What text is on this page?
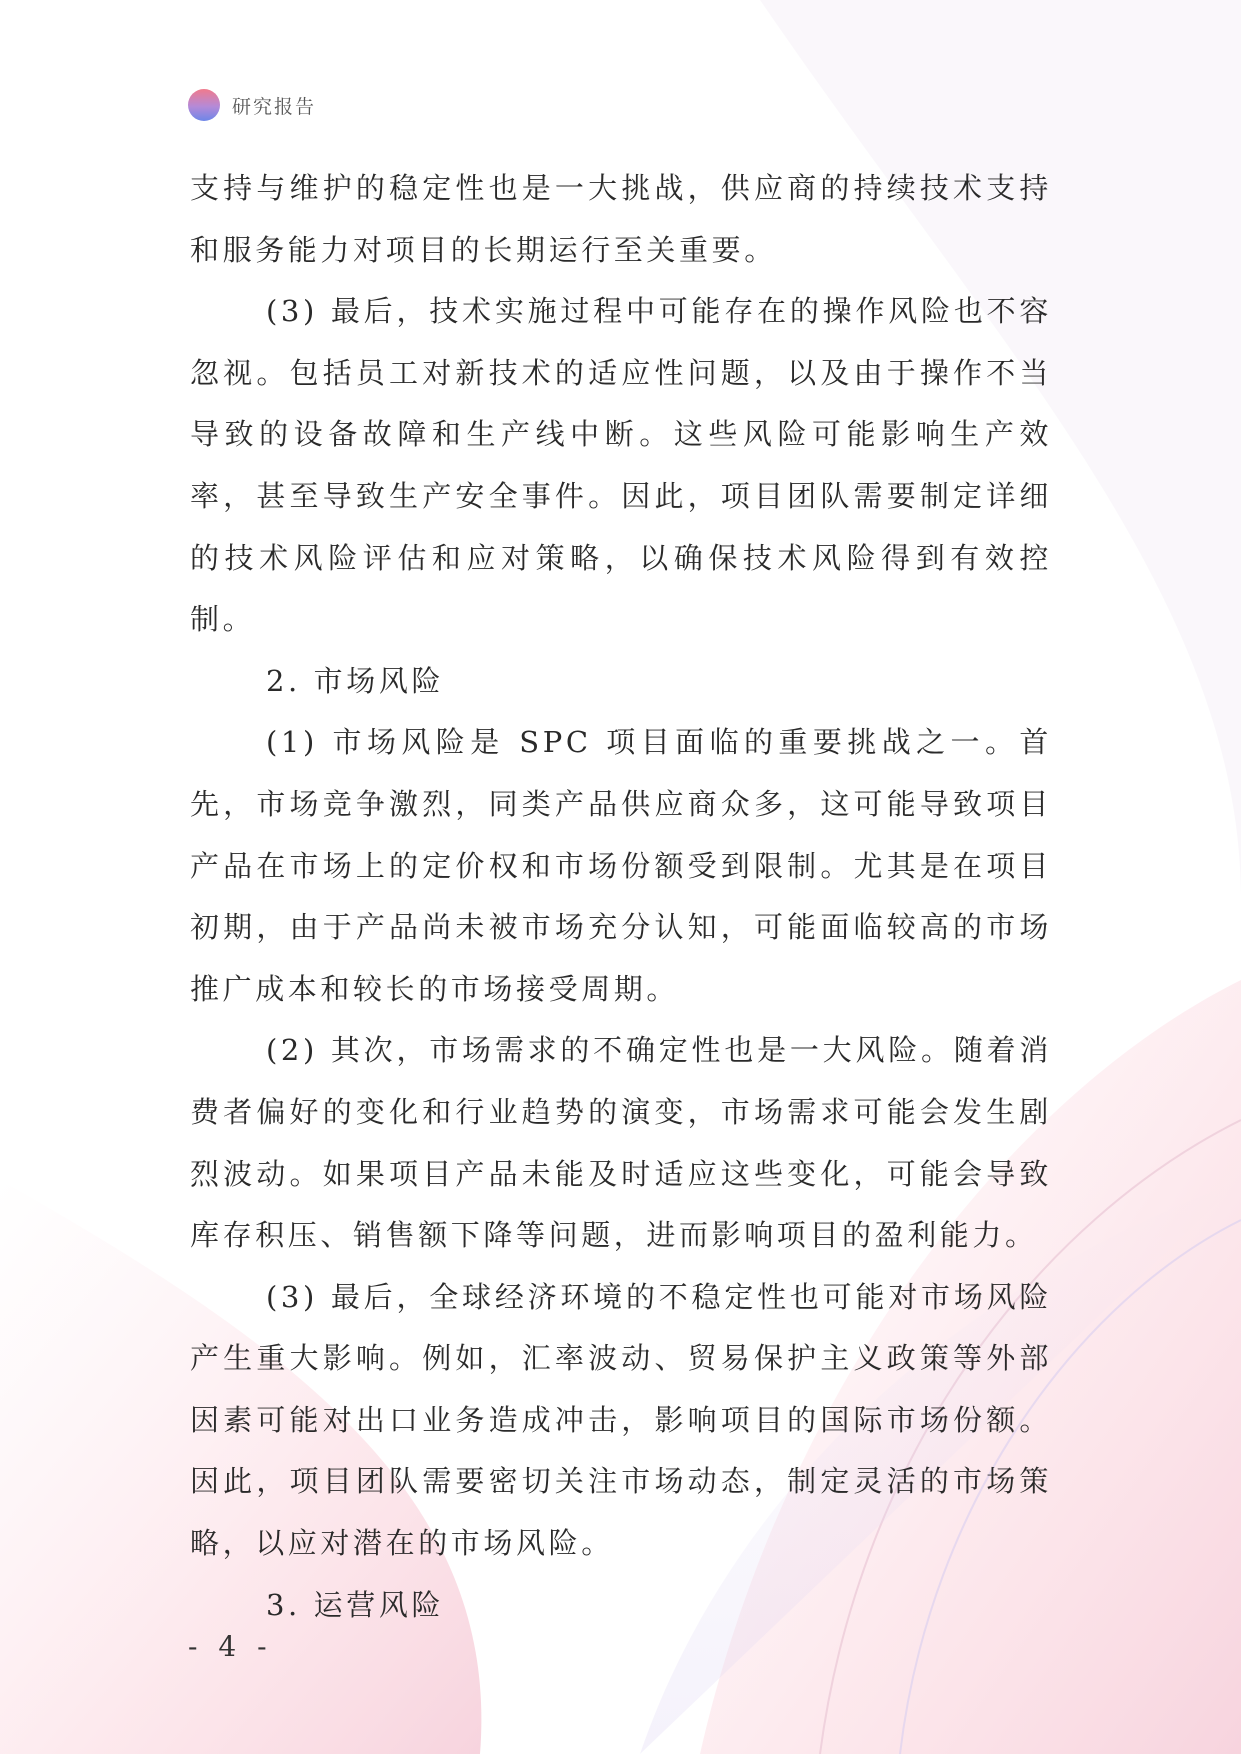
研究报告

支持与维护的稳定性也是一大挑战，供应商的持续技术支持和服务能力对项目的长期运行至关重要。

(3) 最后，技术实施过程中可能存在的操作风险也不容忽视。包括员工对新技术的适应性问题，以及由于操作不当导致的设备故障和生产线中断。这些风险可能影响生产效率，甚至导致生产安全事件。因此，项目团队需要制定详细的技术风险评估和应对策略，以确保技术风险得到有效控制。

2. 市场风险

(1) 市场风险是 SPC 项目面临的重要挑战之一。首先，市场竞争激烈，同类产品供应商众多，这可能导致项目产品在市场上的定价权和市场份额受到限制。尤其是在项目初期，由于产品尚未被市场充分认知，可能面临较高的市场推广成本和较长的市场接受周期。

(2) 其次，市场需求的不确定性也是一大风险。随着消费者偏好的变化和行业趋势的演变，市场需求可能会发生剧烈波动。如果项目产品未能及时适应这些变化，可能会导致库存积压、销售额下降等问题，进而影响项目的盈利能力。

(3) 最后，全球经济环境的不稳定性也可能对市场风险产生重大影响。例如，汇率波动、贸易保护主义政策等外部因素可能对出口业务造成冲击，影响项目的国际市场份额。因此，项目团队需要密切关注市场动态，制定灵活的市场策略，以应对潜在的市场风险。

3. 运营风险

- 4 -
